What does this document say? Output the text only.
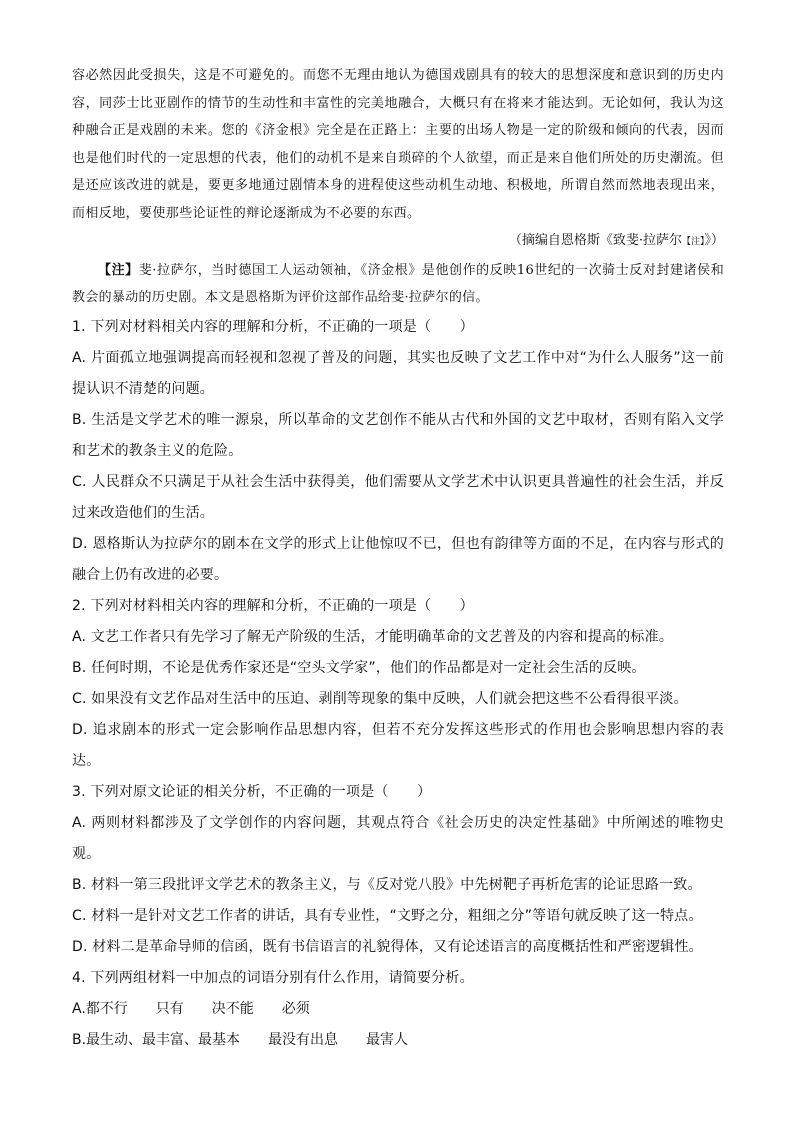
容必然因此受损失，这是不可避免的。而您不无理由地认为德国戏剧具有的较大的思想深度和意识到的历史内容，同莎士比亚剧作的情节的生动性和丰富性的完美地融合，大概只有在将来才能达到。无论如何，我认为这种融合正是戏剧的未来。您的《济金根》完全是在正路上：主要的出场人物是一定的阶级和倾向的代表，因而也是他们时代的一定思想的代表，他们的动机不是来自琐碎的个人欲望，而正是来自他们所处的历史潮流。但是还应该改进的就是，要更多地通过剧情本身的进程使这些动机生动地、积极地，所谓自然而然地表现出来，而相反地，要使那些论证性的辩论逐渐成为不必要的东西。

（摘编自恩格斯《致斐·拉萨尔【注】》）

【注】斐·拉萨尔，当时德国工人运动领袖，《济金根》是他创作的反映16世纪的一次骑士反对封建诸侯和教会的暴动的历史剧。本文是恩格斯为评价这部作品给斐·拉萨尔的信。

1. 下列对材料相关内容的理解和分析，不正确的一项是（　　）

A. 片面孤立地强调提高而轻视和忽视了普及的问题，其实也反映了文艺工作中对“为什么人服务”这一前提认识不清楚的问题。

B. 生活是文学艺术的唯一源泉，所以革命的文艺创作不能从古代和外国的文艺中取材，否则有陷入文学和艺术的教条主义的危险。

C. 人民群众不只满足于从社会生活中获得美，他们需要从文学艺术中认识更具普遍性的社会生活，并反过来改造他们的生活。

D. 恩格斯认为拉萨尔的剧本在文学的形式上让他惊叹不已，但也有韵律等方面的不足，在内容与形式的融合上仍有改进的必要。

2. 下列对材料相关内容的理解和分析，不正确的一项是（　　）

A. 文艺工作者只有先学习了解无产阶级的生活，才能明确革命的文艺普及的内容和提高的标准。

B. 任何时期，不论是优秀作家还是“空头文学家”，他们的作品都是对一定社会生活的反映。

C. 如果没有文艺作品对生活中的压迫、剥削等现象的集中反映，人们就会把这些不公看得很平淡。

D. 追求剧本的形式一定会影响作品思想内容，但若不充分发挥这些形式的作用也会影响思想内容的表达。

3. 下列对原文论证的相关分析，不正确的一项是（　　）

A. 两则材料都涉及了文学创作的内容问题，其观点符合《社会历史的决定性基础》中所阐述的唯物史观。

B. 材料一第三段批评文学艺术的教条主义，与《反对党八股》中先树靶子再析危害的论证思路一致。

C. 材料一是针对文艺工作者的讲话，具有专业性，“文野之分，粗细之分”等语句就反映了这一特点。

D. 材料二是革命导师的信函，既有书信语言的礼貌得体，又有论述语言的高度概括性和严密逻辑性。

4. 下列两组材料一中加点的词语分别有什么作用，请简要分析。

A.都不行 只有 决不能 必须
B.最生动、最丰富、最基本 最没有出息 最害人
